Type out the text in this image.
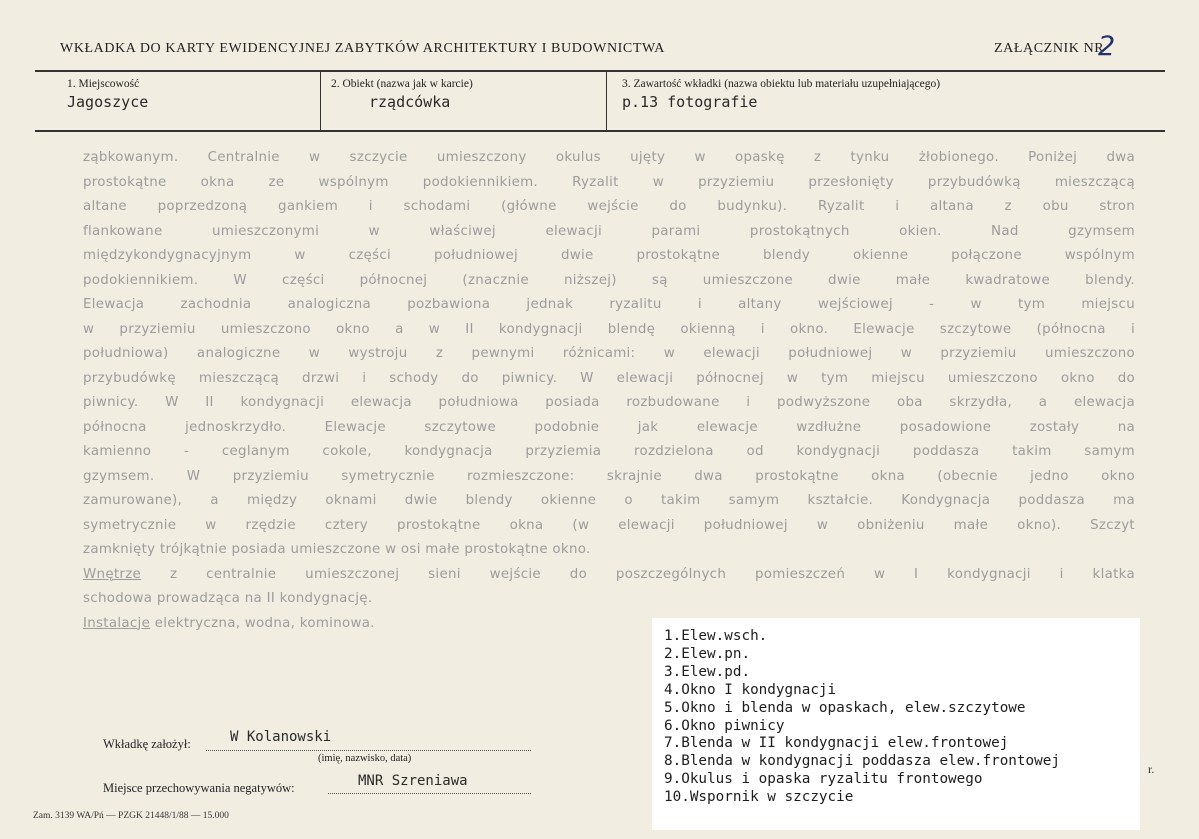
WKŁADKA DO KARTY EWIDENCYJNEJ ZABYTKÓW ARCHITEKTURY I BUDOWNICTWA	ZAŁĄCZNIK NR
2
1. Miejscowość
Jagoszyce
2. Obiekt (nazwa jak w karcie)
rządcówka
3. Zawartość wkładki (nazwa obiektu lub materiału uzupełniającego)
p.13 fotografie
ząbkowanym. Centralnie w szczycie umieszczony okulus ujęty w opaskę z tynku żłobionego. Poniżej dwa
prostokątne okna ze wspólnym podokiennikiem. Ryzalit w przyziemiu przesłonięty przybudówką mieszczącą
altane poprzedzoną gankiem i schodami (główne wejście do budynku). Ryzalit i altana z obu stron
flankowane umieszczonymi w właściwej elewacji parami prostokątnych okien. Nad gzymsem
międzykondygnacyjnym w części południowej dwie prostokątne blendy okienne połączone wspólnym
podokiennikiem. W części północnej (znacznie niższej) są umieszczone dwie małe kwadratowe blendy.
Elewacja zachodnia analogiczna pozbawiona jednak ryzalitu i altany wejściowej - w tym miejscu
w przyziemiu umieszczono okno a w II kondygnacji blendę okienną i okno. Elewacje szczytowe (północna i
południowa) analogiczne w wystroju z pewnymi różnicami: w elewacji południowej w przyziemiu umieszczono
przybudówkę mieszczącą drzwi i schody do piwnicy. W elewacji północnej w tym miejscu umieszczono okno do
piwnicy. W II kondygnacji elewacja południowa posiada rozbudowane i podwyższone oba skrzydła, a elewacja
północna jednoskrzydło. Elewacje szczytowe podobnie jak elewacje wzdłużne posadowione zostały na
kamienno - ceglanym cokole, kondygnacja przyziemia rozdzielona od kondygnacji poddasza takim samym
gzymsem. W przyziemiu symetrycznie rozmieszczone: skrajnie dwa prostokątne okna (obecnie jedno okno
zamurowane), a między oknami dwie blendy okienne o takim samym kształcie. Kondygnacja poddasza ma
symetrycznie w rzędzie cztery prostokątne okna (w elewacji południowej w obniżeniu małe okno). Szczyt
zamknięty trójkątnie posiada umieszczone w osi małe prostokątne okno.
Wnętrze z centralnie umieszczonej sieni wejście do poszczególnych pomieszczeń w I kondygnacji i klatka
schodowa prowadząca na II kondygnację.
Instalacje elektryczna, wodna, kominowa.
1.Elew.wsch.
2.Elew.pn.
3.Elew.pd.
4.Okno I kondygnacji
5.Okno i blenda w opaskach, elew.szczytowe
6.Okno piwnicy
7.Blenda w II kondygnacji elew.frontowej
8.Blenda w kondygnacji poddasza elew.frontowej
9.Okulus i opaska ryzalitu frontowego
10.Wspornik w szczycie
r.
Wkładkę założył:	W Kolanowski
(imię, nazwisko, data)
Miejsce przechowywania negatywów:	MNR Szreniawa
Zam. 3139 WA/Pń — PZGK 21448/1/88 — 15.000
